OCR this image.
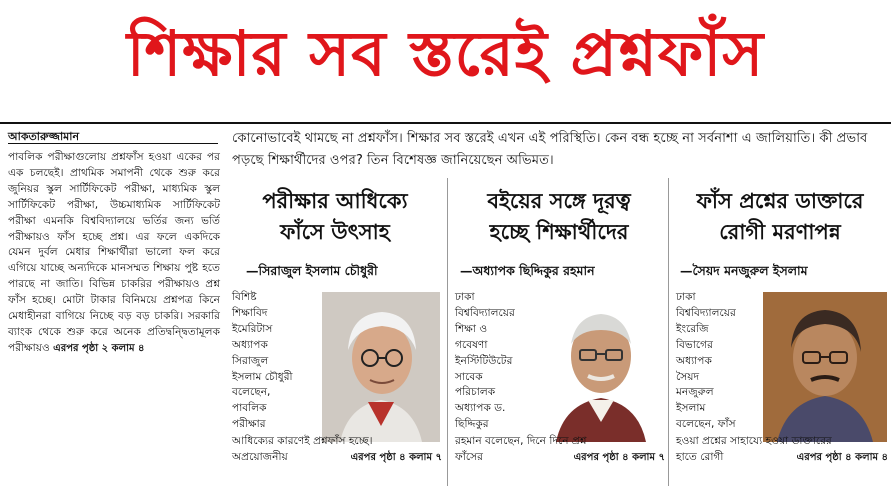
শিক্ষার সব স্তরেই প্রশ্নফাঁস
আকতারুজ্জামান
পাবলিক পরীক্ষাগুলোয় প্রশ্নফাঁস হওয়া একের পর এক চলছেই। প্রাথমিক সমাপনী থেকে শুরু করে জুনিয়র স্কুল সার্টিফিকেট পরীক্ষা, মাধ্যমিক স্কুল সার্টিফিকেট পরীক্ষা, উচ্চমাধ্যমিক সার্টিফিকেট পরীক্ষা এমনকি বিশ্ববিদ্যালয়ে ভর্তির জন্য ভর্তি পরীক্ষায়ও ফাঁস হচ্ছে প্রশ্ন। এর ফলে একদিকে যেমন দুর্বল মেধার শিক্ষার্থীরা ভালো ফল করে এগিয়ে যাচ্ছে অন্যদিকে মানসম্মত শিক্ষায় পুষ্ট হতে পারছে না জাতি। বিভিন্ন চাকরির পরীক্ষায়ও প্রশ্ন ফাঁস হচ্ছে। মোটা টাকার বিনিময়ে প্রশ্নপত্র কিনে মেধাহীনরা বাগিয়ে নিচ্ছে বড় বড় চাকরি। সরকারি ব্যাংক থেকে শুরু করে অনেক প্রতিদ্বন্দ্বিতামূলক পরীক্ষায়ও এরপর পৃষ্ঠা ২ কলাম ৪
কোনোভাবেই থামছে না প্রশ্নফাঁস। শিক্ষার সব স্তরেই এখন এই পরিস্থিতি। কেন বন্ধ হচ্ছে না সর্বনাশা এ জালিয়াতি। কী প্রভাব পড়ছে শিক্ষার্থীদের ওপর? তিন বিশেষজ্ঞ জানিয়েছেন অভিমত।
পরীক্ষার আধিক্যে
ফাঁসে উৎসাহ
—সিরাজুল ইসলাম চৌধুরী
বিশিষ্ট
শিক্ষাবিদ
ইমেরিটাস
অধ্যাপক
সিরাজুল
ইসলাম চৌধুরী
বলেছেন,
পাবলিক
পরীক্ষার
আধিক্যের কারণেই প্রশ্নফাঁস হচ্ছে।
অপ্রয়োজনীয়	এরপর পৃষ্ঠা ৪ কলাম ৭
বইয়ের সঙ্গে দূরত্ব
হচ্ছে শিক্ষার্থীদের
—অধ্যাপক ছিদ্দিকুর রহমান
ঢাকা
বিশ্ববিদ্যালয়ের
শিক্ষা ও
গবেষণা
ইনস্টিটিউটের
সাবেক
পরিচালক
অধ্যাপক ড.
ছিদ্দিকুর
রহমান বলেছেন, দিনে দিনে প্রশ্ন
ফাঁসের	এরপর পৃষ্ঠা ৪ কলাম ৭
ফাঁস প্রশ্নের ডাক্তারে
রোগী মরণাপন্ন
—সৈয়দ মনজুরুল ইসলাম
ঢাকা
বিশ্ববিদ্যালয়ের
ইংরেজি
বিভাগের
অধ্যাপক
সৈয়দ
মনজুরুল
ইসলাম
বলেছেন, ফাঁস
হওয়া প্রশ্নের সাহায্যে হওয়া ডাক্তারের
হাতে রোগী	এরপর পৃষ্ঠা ৪ কলাম ৪
